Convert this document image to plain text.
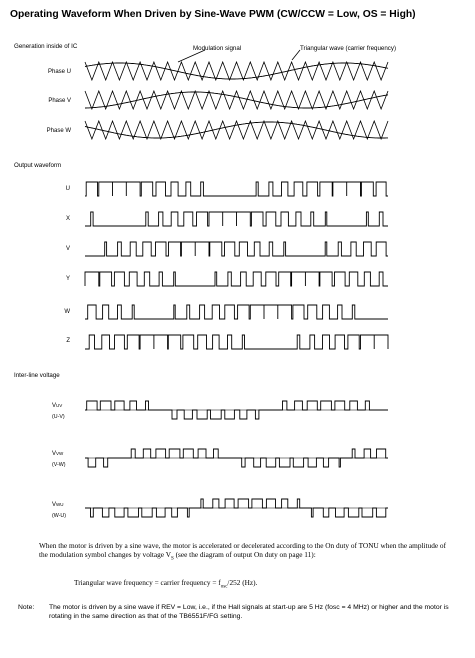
Operating Waveform When Driven by Sine-Wave PWM (CW/CCW = Low, OS = High)
Generation inside of IC	Modulation signal	Triangular wave (carrier frequency)
Phase U
Phase V
Phase W
Output waveform
U
X
V
Y
W
Z
Inter-line voltage
VUV
(U-V)
VVW
(V-W)
VWU
(W-U)
When the motor is driven by a sine wave, the motor is accelerated or decelerated according to the On duty of TONU when the amplitude of the modulation symbol changes by voltage $V_S$ (see the diagram of output On duty on page 11):
Triangular wave frequency = carrier frequency = $f_{osc}/252$ (Hz).
Note: The motor is driven by a sine wave if REV = Low, i.e., if the Hall signals at start-up are 5 Hz (fosc = 4 MHz) or higher and the motor is rotating in the same direction as that of the TB6551F/FG setting.
